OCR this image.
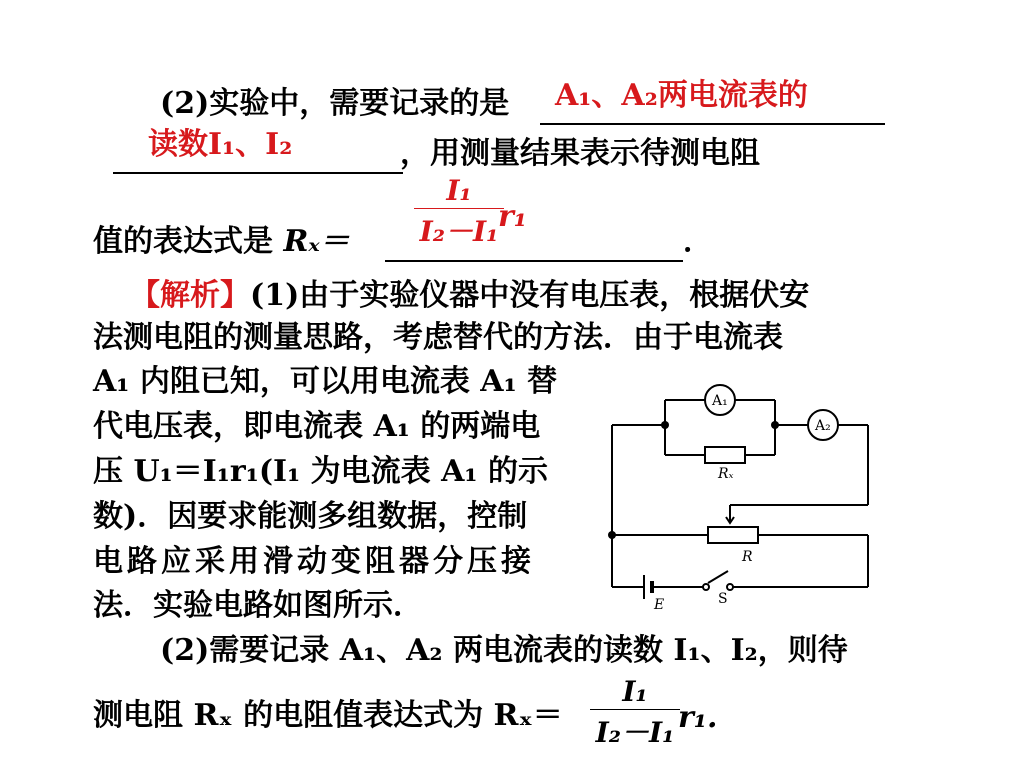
(2)实验中，需要记录的是 A₁、A₂两电流表的
读数I₁、I₂	，用测量结果表示待测电阻
I₁
I₂－I₁ r₁
值的表达式是 Rₓ＝	．
【解析】(1)由于实验仪器中没有电压表，根据伏安
法测电阻的测量思路，考虑替代的方法．由于电流表
A₁ 内阻已知，可以用电流表 A₁ 替
代电压表，即电流表 A₁ 的两端电
压 U₁＝I₁r₁(I₁ 为电流表 A₁ 的示
数)．因要求能测多组数据，控制
电路应采用滑动变阻器分压接
法．实验电路如图所示．
(2)需要记录 A₁、A₂ 两电流表的读数 I₁、I₂，则待
测电阻 Rₓ 的电阻值表达式为 Rₓ＝
I₁
I₂－I₁ r₁.
A₁
A₂
Rₓ
R
E	S
